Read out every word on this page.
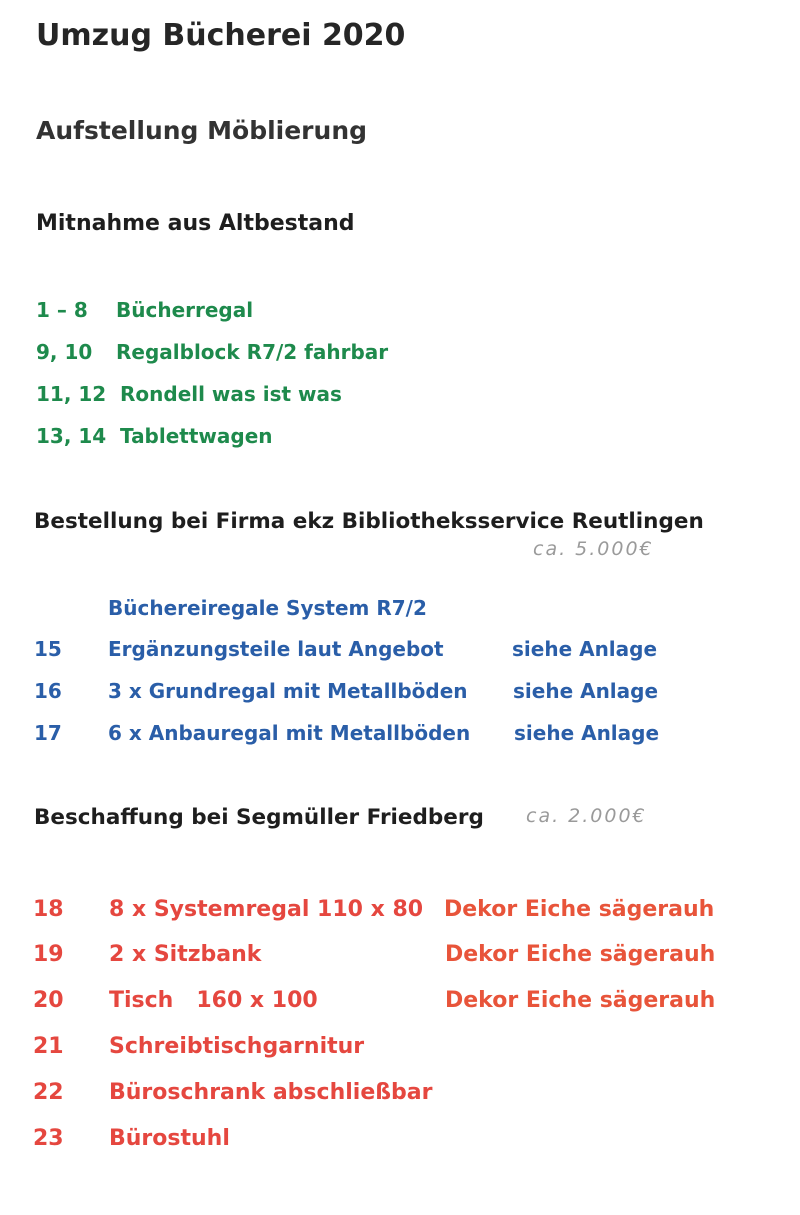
Umzug Bücherei 2020
Aufstellung Möblierung
Mitnahme aus Altbestand
1 – 8 Bücherregal
9, 10 Regalblock R7/2 fahrbar
11, 12 Rondell was ist was
13, 14 Tablettwagen
Bestellung bei Firma ekz Bibliotheksservice Reutlingen
ca. 5.000€
Büchereiregale System R7/2
15 Ergänzungsteile laut Angebot	siehe Anlage
16 3 x Grundregal mit Metallböden siehe Anlage
17 6 x Anbauregal mit Metallböden siehe Anlage
Beschaffung bei Segmüller Friedberg ca. 2.000€
18 8 x Systemregal 110 x 80 Dekor Eiche sägerauh
19 2 x Sitzbank	Dekor Eiche sägerauh
20 Tisch   160 x 100	Dekor Eiche sägerauh
21 Schreibtischgarnitur
22 Büroschrank abschließbar
23 Bürostuhl
